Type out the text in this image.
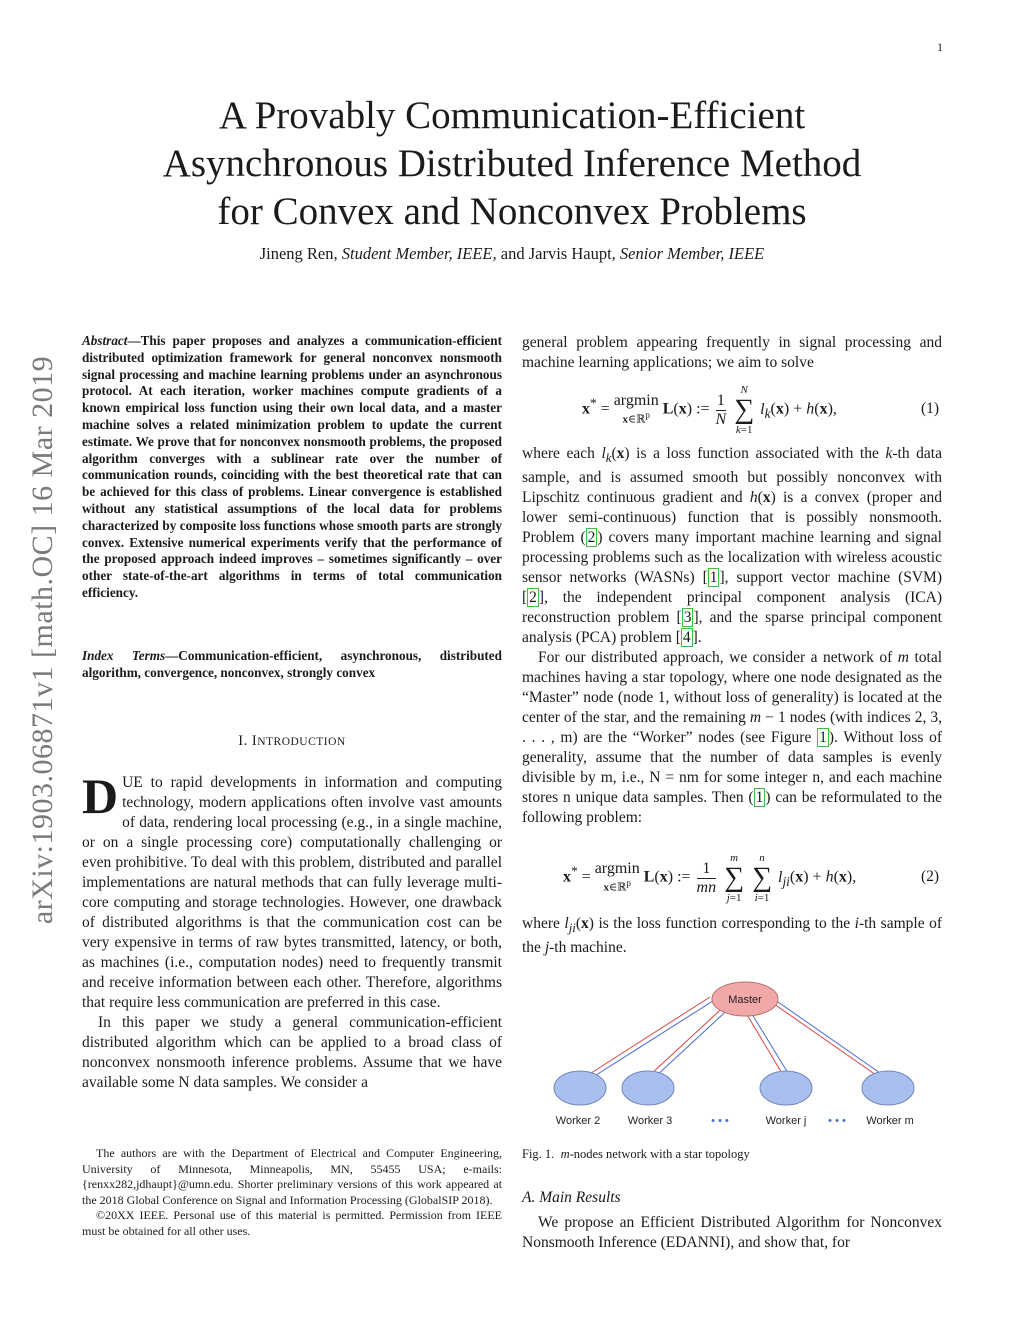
1
A Provably Communication-Efficient
Asynchronous Distributed Inference Method
for Convex and Nonconvex Problems
Jineng Ren, Student Member, IEEE, and Jarvis Haupt, Senior Member, IEEE
arXiv:1903.06871v1 [math.OC] 16 Mar 2019
Abstract—This paper proposes and analyzes a communication-efficient distributed optimization framework for general nonconvex nonsmooth signal processing and machine learning problems under an asynchronous protocol. At each iteration, worker machines compute gradients of a known empirical loss function using their own local data, and a master machine solves a related minimization problem to update the current estimate. We prove that for nonconvex nonsmooth problems, the proposed algorithm converges with a sublinear rate over the number of communication rounds, coinciding with the best theoretical rate that can be achieved for this class of problems. Linear convergence is established without any statistical assumptions of the local data for problems characterized by composite loss functions whose smooth parts are strongly convex. Extensive numerical experiments verify that the performance of the proposed approach indeed improves – sometimes significantly – over other state-of-the-art algorithms in terms of total communication efficiency.
Index Terms—Communication-efficient, asynchronous, distributed algorithm, convergence, nonconvex, strongly convex
I. INTRODUCTION

DUE to rapid developments in information and computing technology, modern applications often involve vast amounts of data, rendering local processing (e.g., in a single machine, or on a single processing core) computationally challenging or even prohibitive. To deal with this problem, distributed and parallel implementations are natural methods that can fully leverage multi-core computing and storage technologies. However, one drawback of distributed algorithms is that the communication cost can be very expensive in terms of raw bytes transmitted, latency, or both, as machines (i.e., computation nodes) need to frequently transmit and receive information between each other. Therefore, algorithms that require less communication are preferred in this case.

In this paper we study a general communication-efficient distributed algorithm which can be applied to a broad class of nonconvex nonsmooth inference problems. Assume that we have available some N data samples. We consider a

The authors are with the Department of Electrical and Computer Engineering, University of Minnesota, Minneapolis, MN, 55455 USA; e-mails: {renxx282,jdhaupt}@umn.edu. Shorter preliminary versions of this work appeared at the 2018 Global Conference on Signal and Information Processing (GlobalSIP 2018).

©20XX IEEE. Personal use of this material is permitted. Permission from IEEE must be obtained for all other uses.

general problem appearing frequently in signal processing and machine learning applications; we aim to solve

x* = argmin
x∈ℝ$^p$ L(x) := $\frac{1}{N}$

N
∑
k=1
$l_k(x) + h(x)$,	(1)

where each $l_k(x)$ is a loss function associated with the k-th data sample, and is assumed smooth but possibly nonconvex with Lipschitz continuous gradient and h(x) is a convex (proper and lower semi-continuous) function that is possibly nonsmooth. Problem ( 2 ) covers many important machine learning and signal processing problems such as the localization with wireless acoustic sensor networks (WASNs) [ 1 ], support vector machine (SVM) [ 2 ], the independent principal component analysis (ICA) reconstruction problem [ 3 ], and the sparse principal component analysis (PCA) problem [ 4 ].

For our distributed approach, we consider a network of m total machines having a star topology, where one node designated as the “Master” node (node 1, without loss of generality) is located at the center of the star, and the remaining m − 1 nodes (with indices 2, 3, . . . , m) are the “Worker” nodes (see Figure 1 ). Without loss of generality, assume that the number of data samples is evenly divisible by m, i.e., N = nm for some integer n, and each machine stores n unique data samples. Then ( 1 ) can be reformulated to the following problem:

x* = argmin
x∈ℝ$^p$ L(x) := $\frac{1}{mn}$

m
∑
j=1

n
∑
i=1
$l_{ji}(x) + h(x)$,	(2)

where $l_{ji}(x)$ is the loss function corresponding to the i-th sample of the j-th machine.

Master
Worker 2	Worker 3	• • •	Worker j • • • Worker m
Fig. 1. m-nodes network with a star topology
A. Main Results

We propose an Efficient Distributed Algorithm for Nonconvex Nonsmooth Inference (EDANNI), and show that, for
